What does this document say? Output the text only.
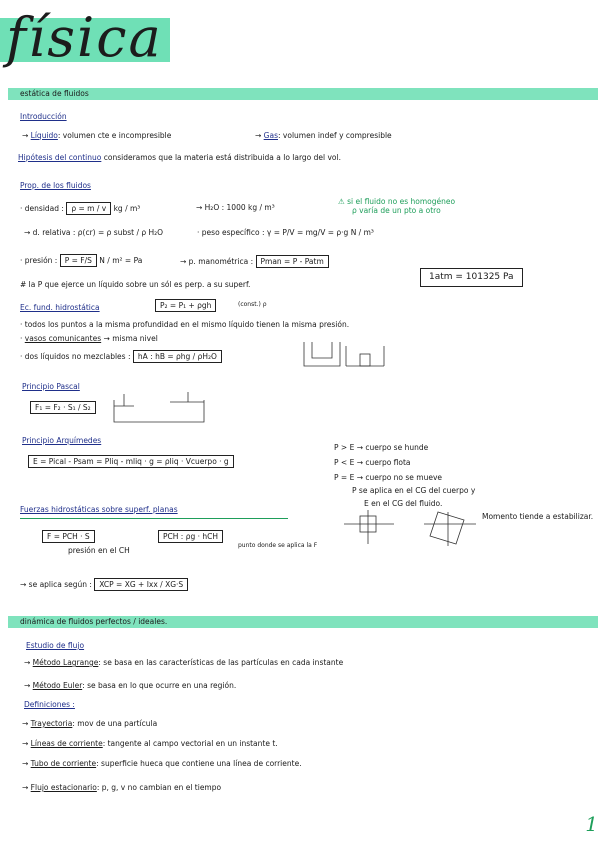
física
estática de fluidos
Introducción
→ Líquido: volumen cte e incompresible	→ Gas: volumen indef y compresible
Hipótesis del continuo consideramos que la materia está distribuida a lo largo del vol.
Prop. de los fluidos
· densidad : ρ = m / v kg / m³	→ H₂O : 1000 kg / m³
⚠ si el fluido no es homogéneo
ρ varía de un pto a otro
→ d. relativa : ρ(cr) = ρ subst / ρ H₂O	· peso específico : γ = P/V = mg/V = ρ·g N / m³
· presión : P = F/S N / m² = Pa	→ p. manométrica : Pman = P - Patm
# la P que ejerce un líquido sobre un sól es perp. a su superf.
1atm = 101325 Pa
Ec. fund. hidrostática	P₂ = P₁ + ρgh	(const.) ρ
· todos los puntos a la misma profundidad en el mismo líquido tienen la misma presión.
· vasos comunicantes → misma nivel
· dos líquidos no mezclables : hA : hB = ρhg / ρH₂O
Principio Pascal
F₁ = F₂ · S₁ / S₂
Principio Arquímedes
E = Pical - Psam = Pliq - mliq · g = ρliq · Vcuerpo · g
P > E → cuerpo se hunde
P < E → cuerpo flota
P = E → cuerpo no se mueve
P se aplica en el CG del cuerpo y
E en el CG del fluido.
Fuerzas hidrostáticas sobre superf. planas
F = PCH · S	PCH : ρg · hCH
presión en el CH
punto donde se aplica la F
Momento tiende a estabilizar.
→ se aplica según : XCP = XG + Ixx / XG·S
dinámica de fluidos perfectos / ideales.
Estudio de flujo
→ Método Lagrange: se basa en las características de las partículas en cada instante
→ Método Euler: se basa en lo que ocurre en una región.
Definiciones :
→ Trayectoria: mov de una partícula
→ Líneas de corriente: tangente al campo vectorial en un instante t.
→ Tubo de corriente: superficie hueca que contiene una línea de corriente.
→ Flujo estacionario: p, g, v no cambian en el tiempo
1
